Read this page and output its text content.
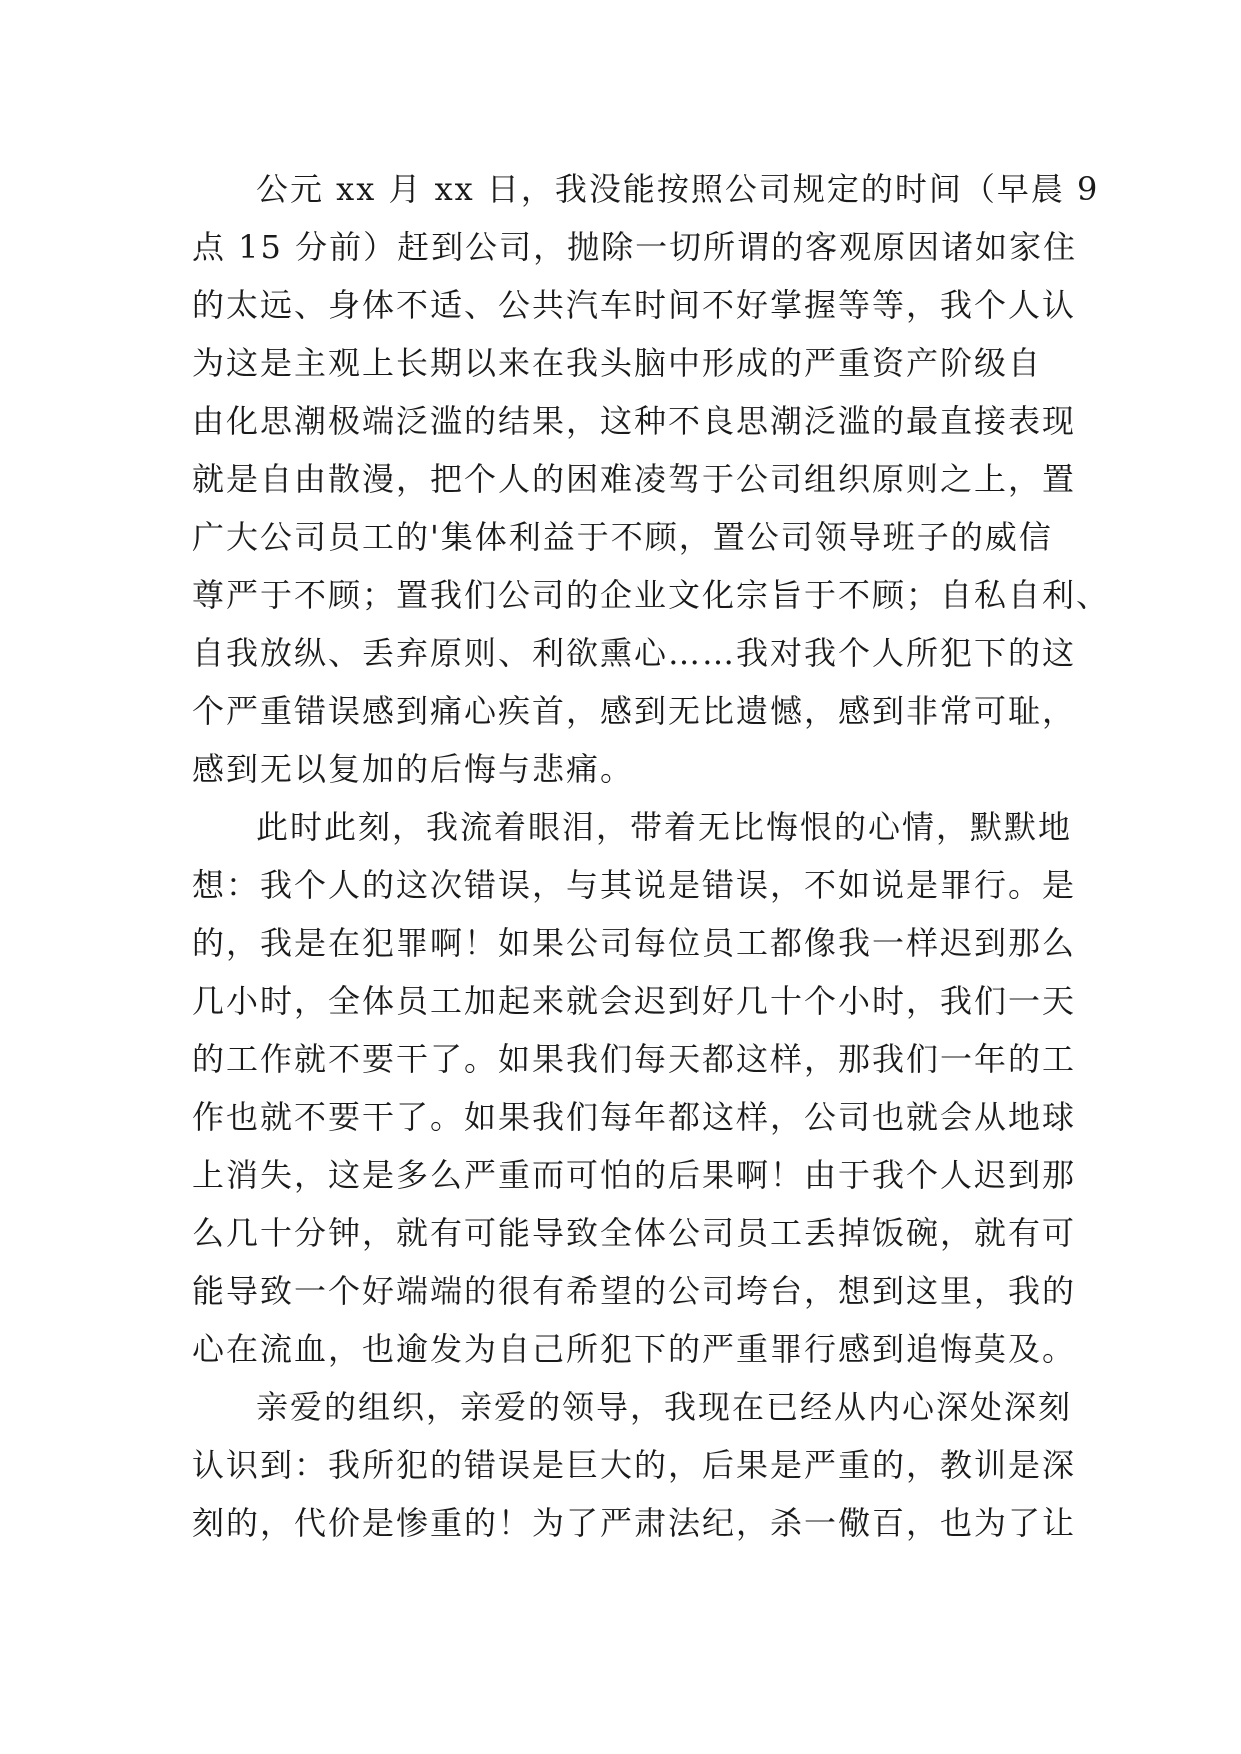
公元 xx 月 xx 日，我没能按照公司规定的时间（早晨 9
点 15 分前）赶到公司，抛除一切所谓的客观原因诸如家住
的太远、身体不适、公共汽车时间不好掌握等等，我个人认
为这是主观上长期以来在我头脑中形成的严重资产阶级自
由化思潮极端泛滥的结果，这种不良思潮泛滥的最直接表现
就是自由散漫，把个人的困难凌驾于公司组织原则之上，置
广大公司员工的'集体利益于不顾，置公司领导班子的威信
尊严于不顾；置我们公司的企业文化宗旨于不顾；自私自利、
自我放纵、丢弃原则、利欲熏心……我对我个人所犯下的这
个严重错误感到痛心疾首，感到无比遗憾，感到非常可耻，
感到无以复加的后悔与悲痛。
此时此刻，我流着眼泪，带着无比悔恨的心情，默默地
想：我个人的这次错误，与其说是错误，不如说是罪行。是
的，我是在犯罪啊！如果公司每位员工都像我一样迟到那么
几小时，全体员工加起来就会迟到好几十个小时，我们一天
的工作就不要干了。如果我们每天都这样，那我们一年的工
作也就不要干了。如果我们每年都这样，公司也就会从地球
上消失，这是多么严重而可怕的后果啊！由于我个人迟到那
么几十分钟，就有可能导致全体公司员工丢掉饭碗，就有可
能导致一个好端端的很有希望的公司垮台，想到这里，我的
心在流血，也逾发为自己所犯下的严重罪行感到追悔莫及。
亲爱的组织，亲爱的领导，我现在已经从内心深处深刻
认识到：我所犯的错误是巨大的，后果是严重的，教训是深
刻的，代价是惨重的！为了严肃法纪，杀一儆百，也为了让
